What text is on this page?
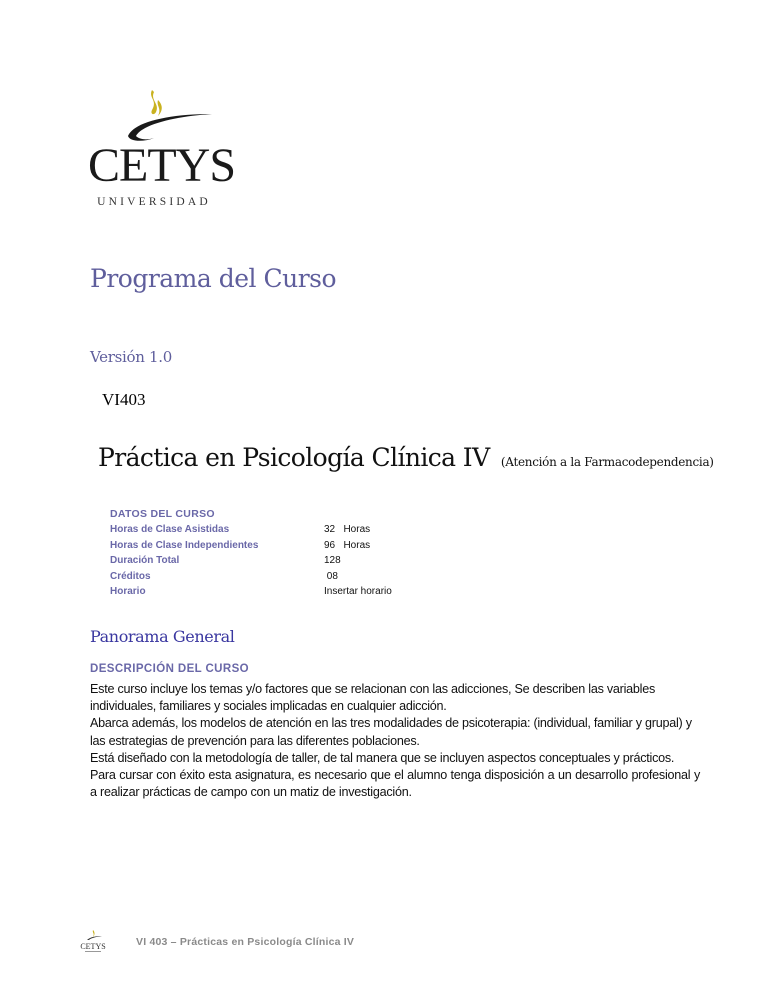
CETYS
UNIVERSIDAD
Programa del Curso
Versión 1.0
VI403
Práctica en Psicología Clínica IV (Atención a la Farmacodependencia)
DATOS DEL CURSO
Horas de Clase Asistidas	32   Horas
Horas de Clase Independientes	96   Horas
Duración Total	128
Créditos	08
Horario	Insertar horario
Panorama General
DESCRIPCIÓN DEL CURSO

Este curso incluye los temas y/o factores que se relacionan con las adicciones, Se describen las variables individuales, familiares y sociales implicadas en cualquier adicción.

Abarca además, los modelos de atención en las tres modalidades de psicoterapia: (individual, familiar y grupal) y las estrategias de prevención para las diferentes poblaciones.

Está diseñado con la metodología de taller, de tal manera que se incluyen aspectos conceptuales y prácticos.

Para cursar con éxito esta asignatura, es necesario que el alumno tenga disposición a un desarrollo profesional y a realizar prácticas de campo con un matiz de investigación.

CETYS	VI 403 – Prácticas en Psicología Clínica IV
